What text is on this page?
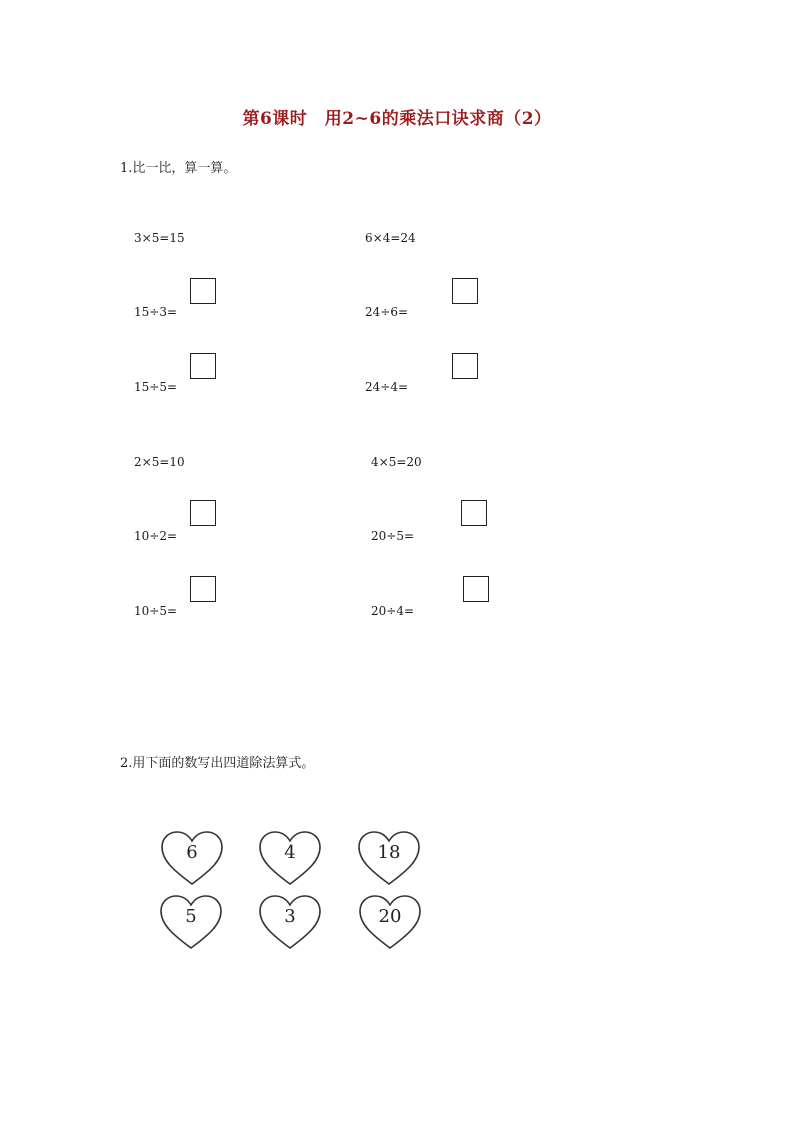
第6课时　用2~6的乘法口诀求商（2）
1.比一比，算一算。
3×5=15
15÷3=
15÷5=
6×4=24
24÷6=
24÷4=
2×5=10
10÷2=
10÷5=
4×5=20
20÷5=
20÷4=
2.用下面的数写出四道除法算式。
6	4	18
5	3	20
